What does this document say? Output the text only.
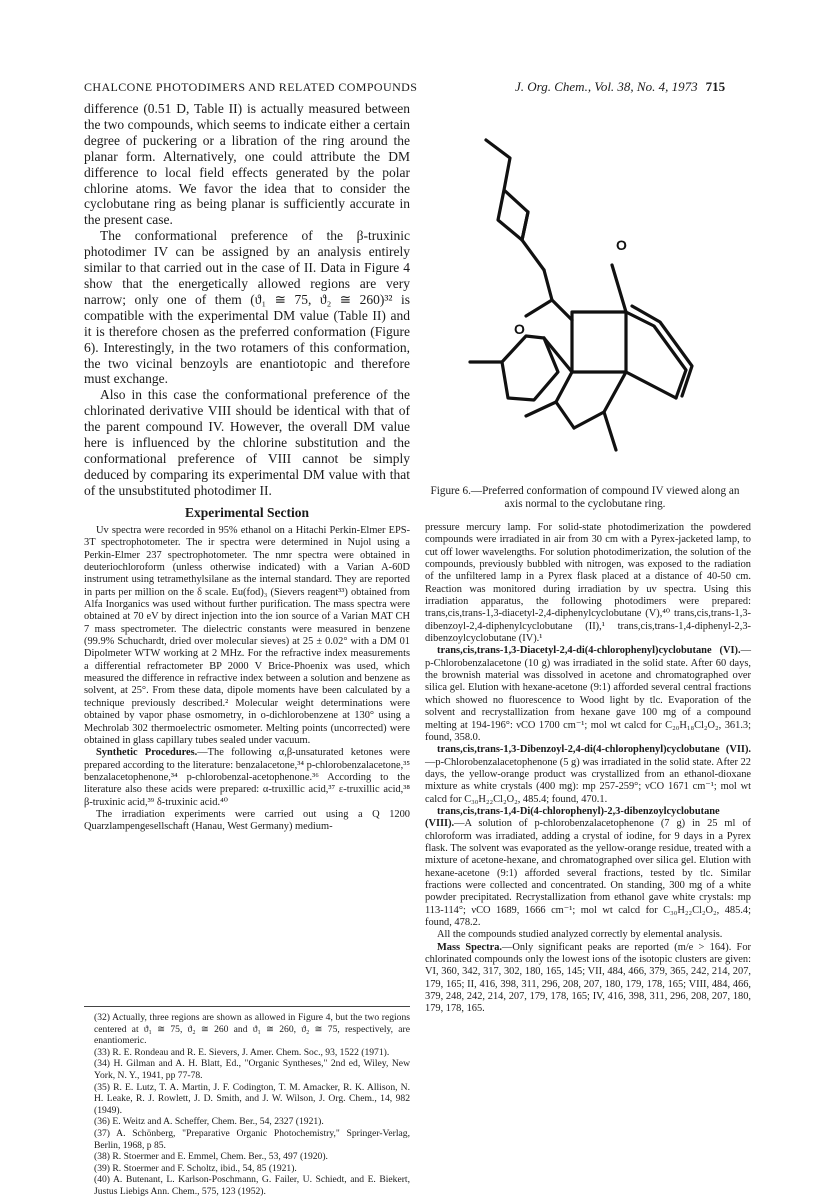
CHALCONE PHOTODIMERS AND RELATED COMPOUNDS	J. Org. Chem., Vol. 38, No. 4, 1973 715

difference (0.51 D, Table II) is actually measured between the two compounds, which seems to indicate either a certain degree of puckering or a libration of the ring around the planar form. Alternatively, one could attribute the DM difference to local field effects generated by the polar chlorine atoms. We favor the idea that to consider the cyclobutane ring as being planar is sufficiently accurate in the present case.

The conformational preference of the β-truxinic photodimer IV can be assigned by an analysis entirely similar to that carried out in the case of II. Data in Figure 4 show that the energetically allowed regions are very narrow; only one of them (ϑ₁ ≅ 75, ϑ₂ ≅ 260)³² is compatible with the experimental DM value (Table II) and it is therefore chosen as the preferred conformation (Figure 6). Interestingly, in the two rotamers of this conformation, the two vicinal benzoyls are enantiotopic and therefore must exchange.

Also in this case the conformational preference of the chlorinated derivative VIII should be identical with that of the parent compound IV. However, the overall DM value here is influenced by the chlorine substitution and the conformational preference of VIII cannot be simply deduced by comparing its experimental DM value with that of the unsubstituted photodimer II.

Experimental Section

Uv spectra were recorded in 95% ethanol on a Hitachi Perkin-Elmer EPS-3T spectrophotometer. The ir spectra were determined in Nujol using a Perkin-Elmer 237 spectrophotometer. The nmr spectra were obtained in deuteriochloroform (unless otherwise indicated) with a Varian A-60D instrument using tetramethylsilane as the internal standard. They are reported in parts per million on the δ scale. Eu(fod)₃ (Sievers reagent³³) obtained from Alfa Inorganics was used without further purification. The mass spectra were obtained at 70 eV by direct injection into the ion source of a Varian MAT CH 7 mass spectrometer. The dielectric constants were measured in benzene (99.9% Schuchardt, dried over molecular sieves) at 25 ± 0.02° with a DM 01 Dipolmeter WTW working at 2 MHz. For the refractive index measurements a differential refractometer BP 2000 V Brice-Phoenix was used, which measured the difference in refractive index between a solution and benzene as solvent, at 25°. From these data, dipole moments have been calculated by a technique previously described.² Molecular weight determinations were obtained by vapor phase osmometry, in o-dichlorobenzene at 130° using a Mechrolab 302 thermoelectric osmometer. Melting points (uncorrected) were obtained in glass capillary tubes sealed under vacuum.

Synthetic Procedures.—The following α,β-unsaturated ketones were prepared according to the literature: benzalacetone,³⁴ p-chlorobenzalacetone,³⁵ benzalacetophenone,³⁴ p-chlorobenzal-acetophenone.³⁶ According to the literature also these acids were prepared: α-truxillic acid,³⁷ ε-truxillic acid,³⁸ β-truxinic acid,³⁹ δ-truxinic acid.⁴⁰

The irradiation experiments were carried out using a Q 1200 Quarzlampengesellschaft (Hanau, West Germany) medium-

(32) Actually, three regions are shown as allowed in Figure 4, but the two regions centered at ϑ₁ ≅ 75, ϑ₂ ≅ 260 and ϑ₁ ≅ 260, ϑ₂ ≅ 75, respectively, are enantiomeric.

(33) R. E. Rondeau and R. E. Sievers, J. Amer. Chem. Soc., 93, 1522 (1971).

(34) H. Gilman and A. H. Blatt, Ed., "Organic Syntheses," 2nd ed, Wiley, New York, N. Y., 1941, pp 77-78.

(35) R. E. Lutz, T. A. Martin, J. F. Codington, T. M. Amacker, R. K. Allison, N. H. Leake, R. J. Rowlett, J. D. Smith, and J. W. Wilson, J. Org. Chem., 14, 982 (1949).

(36) E. Weitz and A. Scheffer, Chem. Ber., 54, 2327 (1921).

(37) A. Schönberg, "Preparative Organic Photochemistry," Springer-Verlag, Berlin, 1968, p 85.

(38) R. Stoermer and E. Emmel, Chem. Ber., 53, 497 (1920).

(39) R. Stoermer and F. Scholtz, ibid., 54, 85 (1921).

(40) A. Butenant, L. Karlson-Poschmann, G. Failer, U. Schiedt, and E. Biekert, Justus Liebigs Ann. Chem., 575, 123 (1952).

O
O
Figure 6.—Preferred conformation of compound IV viewed along an axis normal to the cyclobutane ring.

pressure mercury lamp. For solid-state photodimerization the powdered compounds were irradiated in air from 30 cm with a Pyrex-jacketed lamp, to cut off lower wavelengths. For solution photodimerization, the solution of the compounds, previously bubbled with nitrogen, was exposed to the radiation of the unfiltered lamp in a Pyrex flask placed at a distance of 40-50 cm. Reaction was monitored during irradiation by uv spectra. Using this irradiation apparatus, the following photodimers were prepared: trans,cis,trans-1,3-diacetyl-2,4-diphenylcyclobutane (V),⁴⁰ trans,cis,trans-1,3-dibenzoyl-2,4-diphenylcyclobutane (II),¹ trans,cis,trans-1,4-diphenyl-2,3-dibenzoylcyclobutane (IV).¹

trans,cis,trans-1,3-Diacetyl-2,4-di(4-chlorophenyl)cyclobutane (VI).—p-Chlorobenzalacetone (10 g) was irradiated in the solid state. After 60 days, the brownish material was dissolved in acetone and chromatographed over silica gel. Elution with hexane-acetone (9:1) afforded several central fractions which showed no fluorescence to Wood light by tlc. Evaporation of the solvent and recrystallization from hexane gave 100 mg of a compound melting at 194-196°: νCO 1700 cm⁻¹; mol wt calcd for C₂₀H₁₈Cl₂O₂, 361.3; found, 358.0.

trans,cis,trans-1,3-Dibenzoyl-2,4-di(4-chlorophenyl)cyclobutane (VII).—p-Chlorobenzalacetophenone (5 g) was irradiated in the solid state. After 22 days, the yellow-orange product was crystallized from an ethanol-dioxane mixture as white crystals (400 mg): mp 257-259°; νCO 1671 cm⁻¹; mol wt calcd for C₃₀H₂₂Cl₂O₂, 485.4; found, 470.1.

trans,cis,trans-1,4-Di(4-chlorophenyl)-2,3-dibenzoylcyclobutane (VIII).—A solution of p-chlorobenzalacetophenone (7 g) in 25 ml of chloroform was irradiated, adding a crystal of iodine, for 9 days in a Pyrex flask. The solvent was evaporated as the yellow-orange residue, treated with a mixture of acetone-hexane, and chromatographed over silica gel. Elution with hexane-acetone (9:1) afforded several fractions, tested by tlc. Similar fractions were collected and concentrated. On standing, 300 mg of a white powder precipitated. Recrystallization from ethanol gave white crystals: mp 113-114°; νCO 1689, 1666 cm⁻¹; mol wt calcd for C₃₀H₂₂Cl₂O₂, 485.4; found, 478.2.

All the compounds studied analyzed correctly by elemental analysis.

Mass Spectra.—Only significant peaks are reported (m/e > 164). For chlorinated compounds only the lowest ions of the isotopic clusters are given: VI, 360, 342, 317, 302, 180, 165, 145; VII, 484, 466, 379, 365, 242, 214, 207, 179, 165; II, 416, 398, 311, 296, 208, 207, 180, 179, 178, 165; VIII, 484, 466, 379, 248, 242, 214, 207, 179, 178, 165; IV, 416, 398, 311, 296, 208, 207, 180, 179, 178, 165.
